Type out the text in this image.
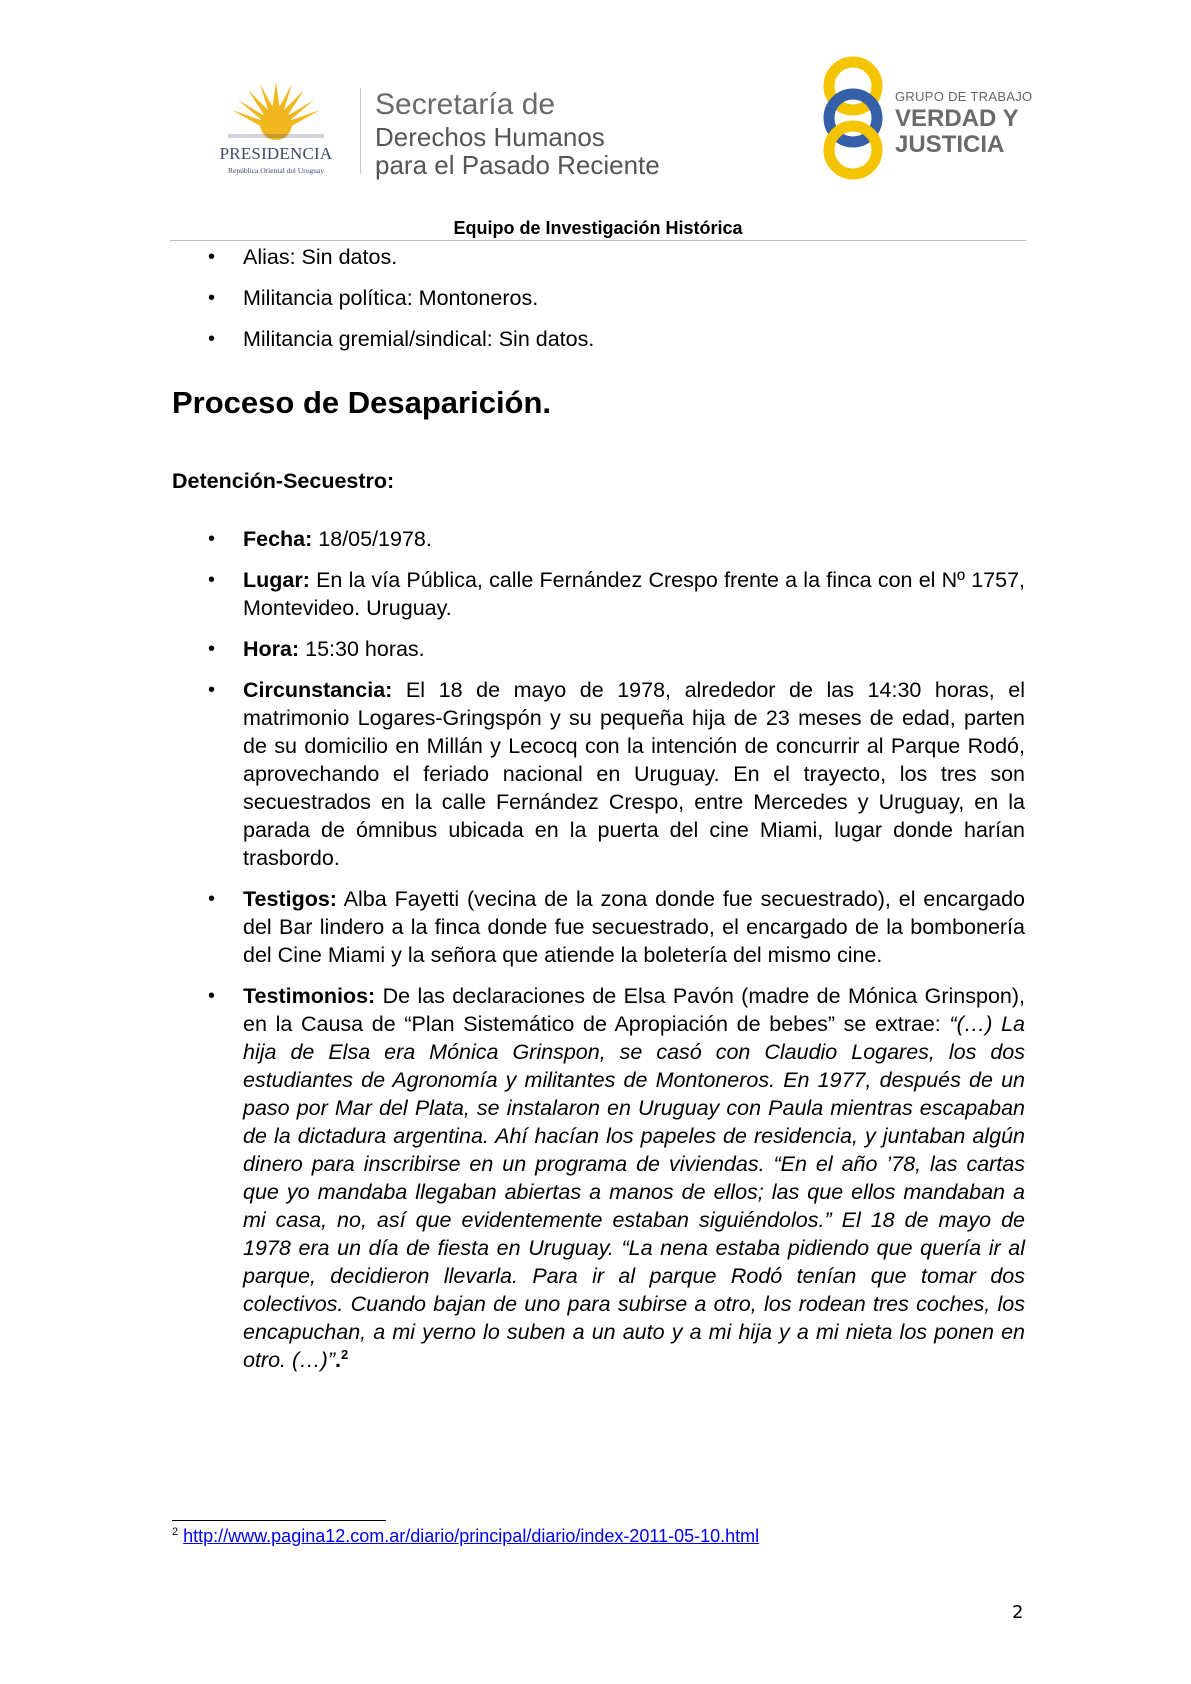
PRESIDENCIA
República Oriental del Uruguay
Secretaría de
Derechos Humanos
para el Pasado Reciente
GRUPO DE TRABAJO
VERDAD Y
JUSTICIA
Equipo de Investigación Histórica
• Alias: Sin datos.
• Militancia política: Montoneros.
• Militancia gremial/sindical: Sin datos.
Proceso de Desaparición.
Detención-Secuestro:
• Fecha: 18/05/1978.
• Lugar: En la vía Pública, calle Fernández Crespo frente a la finca con el Nº 1757, Montevideo. Uruguay.
• Hora: 15:30 horas.
• Circunstancia: El 18 de mayo de 1978, alrededor de las 14:30 horas, el matrimonio Logares-Gringspón y su pequeña hija de 23 meses de edad, parten de su domicilio en Millán y Lecocq con la intención de concurrir al Parque Rodó, aprovechando el feriado nacional en Uruguay. En el trayecto, los tres son secuestrados en la calle Fernández Crespo, entre Mercedes y Uruguay, en la parada de ómnibus ubicada en la puerta del cine Miami, lugar donde harían trasbordo.
• Testigos: Alba Fayetti (vecina de la zona donde fue secuestrado), el encargado del Bar lindero a la finca donde fue secuestrado, el encargado de la bombonería del Cine Miami y la señora que atiende la boletería del mismo cine.
• Testimonios: De las declaraciones de Elsa Pavón (madre de Mónica Grinspon), en la Causa de “Plan Sistemático de Apropiación de bebes” se extrae: “(…) La hija de Elsa era Mónica Grinspon, se casó con Claudio Logares, los dos estudiantes de Agronomía y militantes de Montoneros. En 1977, después de un paso por Mar del Plata, se instalaron en Uruguay con Paula mientras escapaban de la dictadura argentina. Ahí hacían los papeles de residencia, y juntaban algún dinero para inscribirse en un programa de viviendas. “En el año ’78, las cartas que yo mandaba llegaban abiertas a manos de ellos; las que ellos mandaban a mi casa, no, así que evidentemente estaban siguiéndolos.” El 18 de mayo de 1978 era un día de fiesta en Uruguay. “La nena estaba pidiendo que quería ir al parque, decidieron llevarla. Para ir al parque Rodó tenían que tomar dos colectivos. Cuando bajan de uno para subirse a otro, los rodean tres coches, los encapuchan, a mi yerno lo suben a un auto y a mi hija y a mi nieta los ponen en otro. (…)”.$^2$
$^2$ http://www.pagina12.com.ar/diario/principal/diario/index-2011-05-10.html
2
